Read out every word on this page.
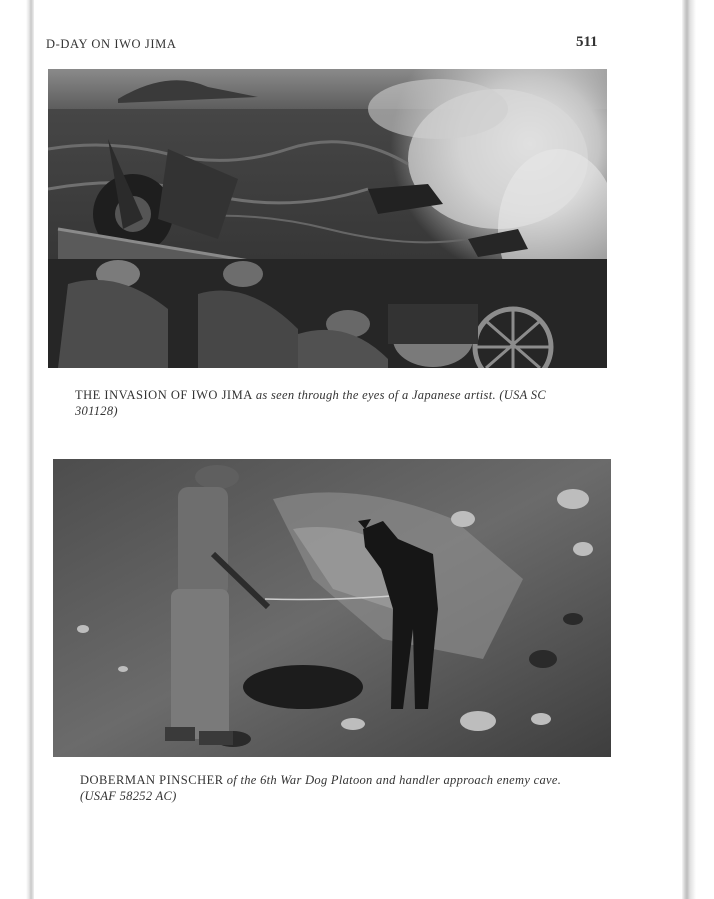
D-DAY ON IWO JIMA	511
THE INVASION OF IWO JIMA as seen through the eyes of a Japanese artist. (USA SC 301128)
DOBERMAN PINSCHER of the 6th War Dog Platoon and handler approach enemy cave. (USAF 58252 AC)
